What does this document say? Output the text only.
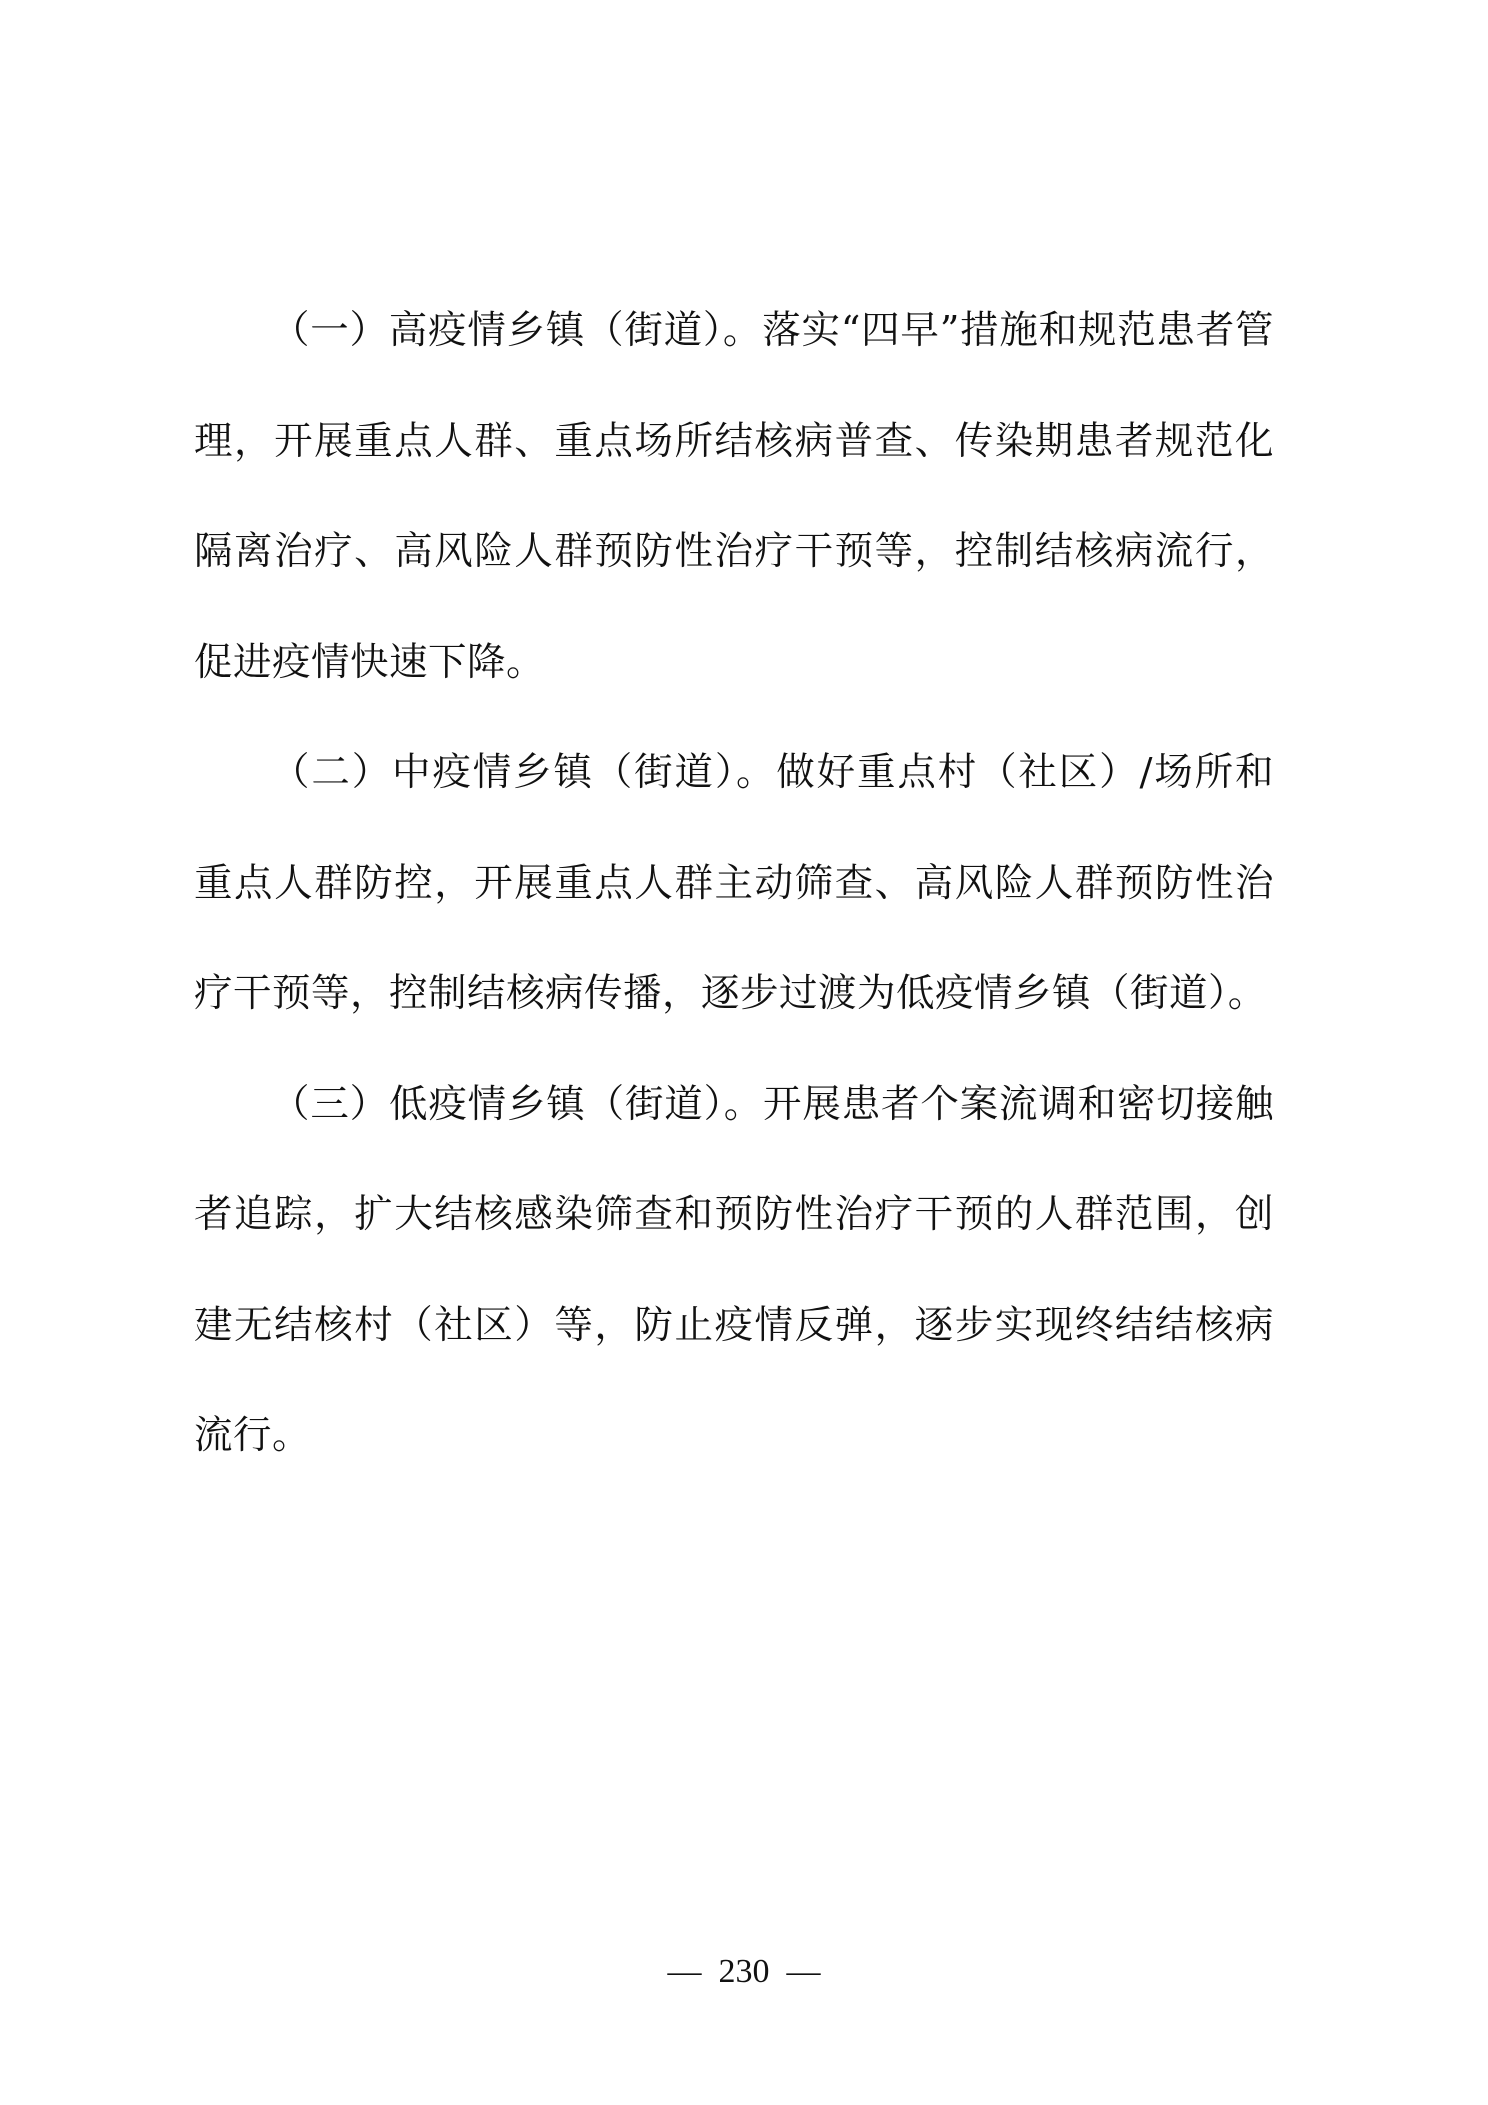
（一）高疫情乡镇（街道）。落实“四早”措施和规范患者管理，开展重点人群、重点场所结核病普查、传染期患者规范化隔离治疗、高风险人群预防性治疗干预等，控制结核病流行，促进疫情快速下降。

（二）中疫情乡镇（街道）。做好重点村（社区）/场所和重点人群防控，开展重点人群主动筛查、高风险人群预防性治疗干预等，控制结核病传播，逐步过渡为低疫情乡镇（街道）。

（三）低疫情乡镇（街道）。开展患者个案流调和密切接触者追踪，扩大结核感染筛查和预防性治疗干预的人群范围，创建无结核村（社区）等，防止疫情反弹，逐步实现终结结核病流行。

—  230  —
